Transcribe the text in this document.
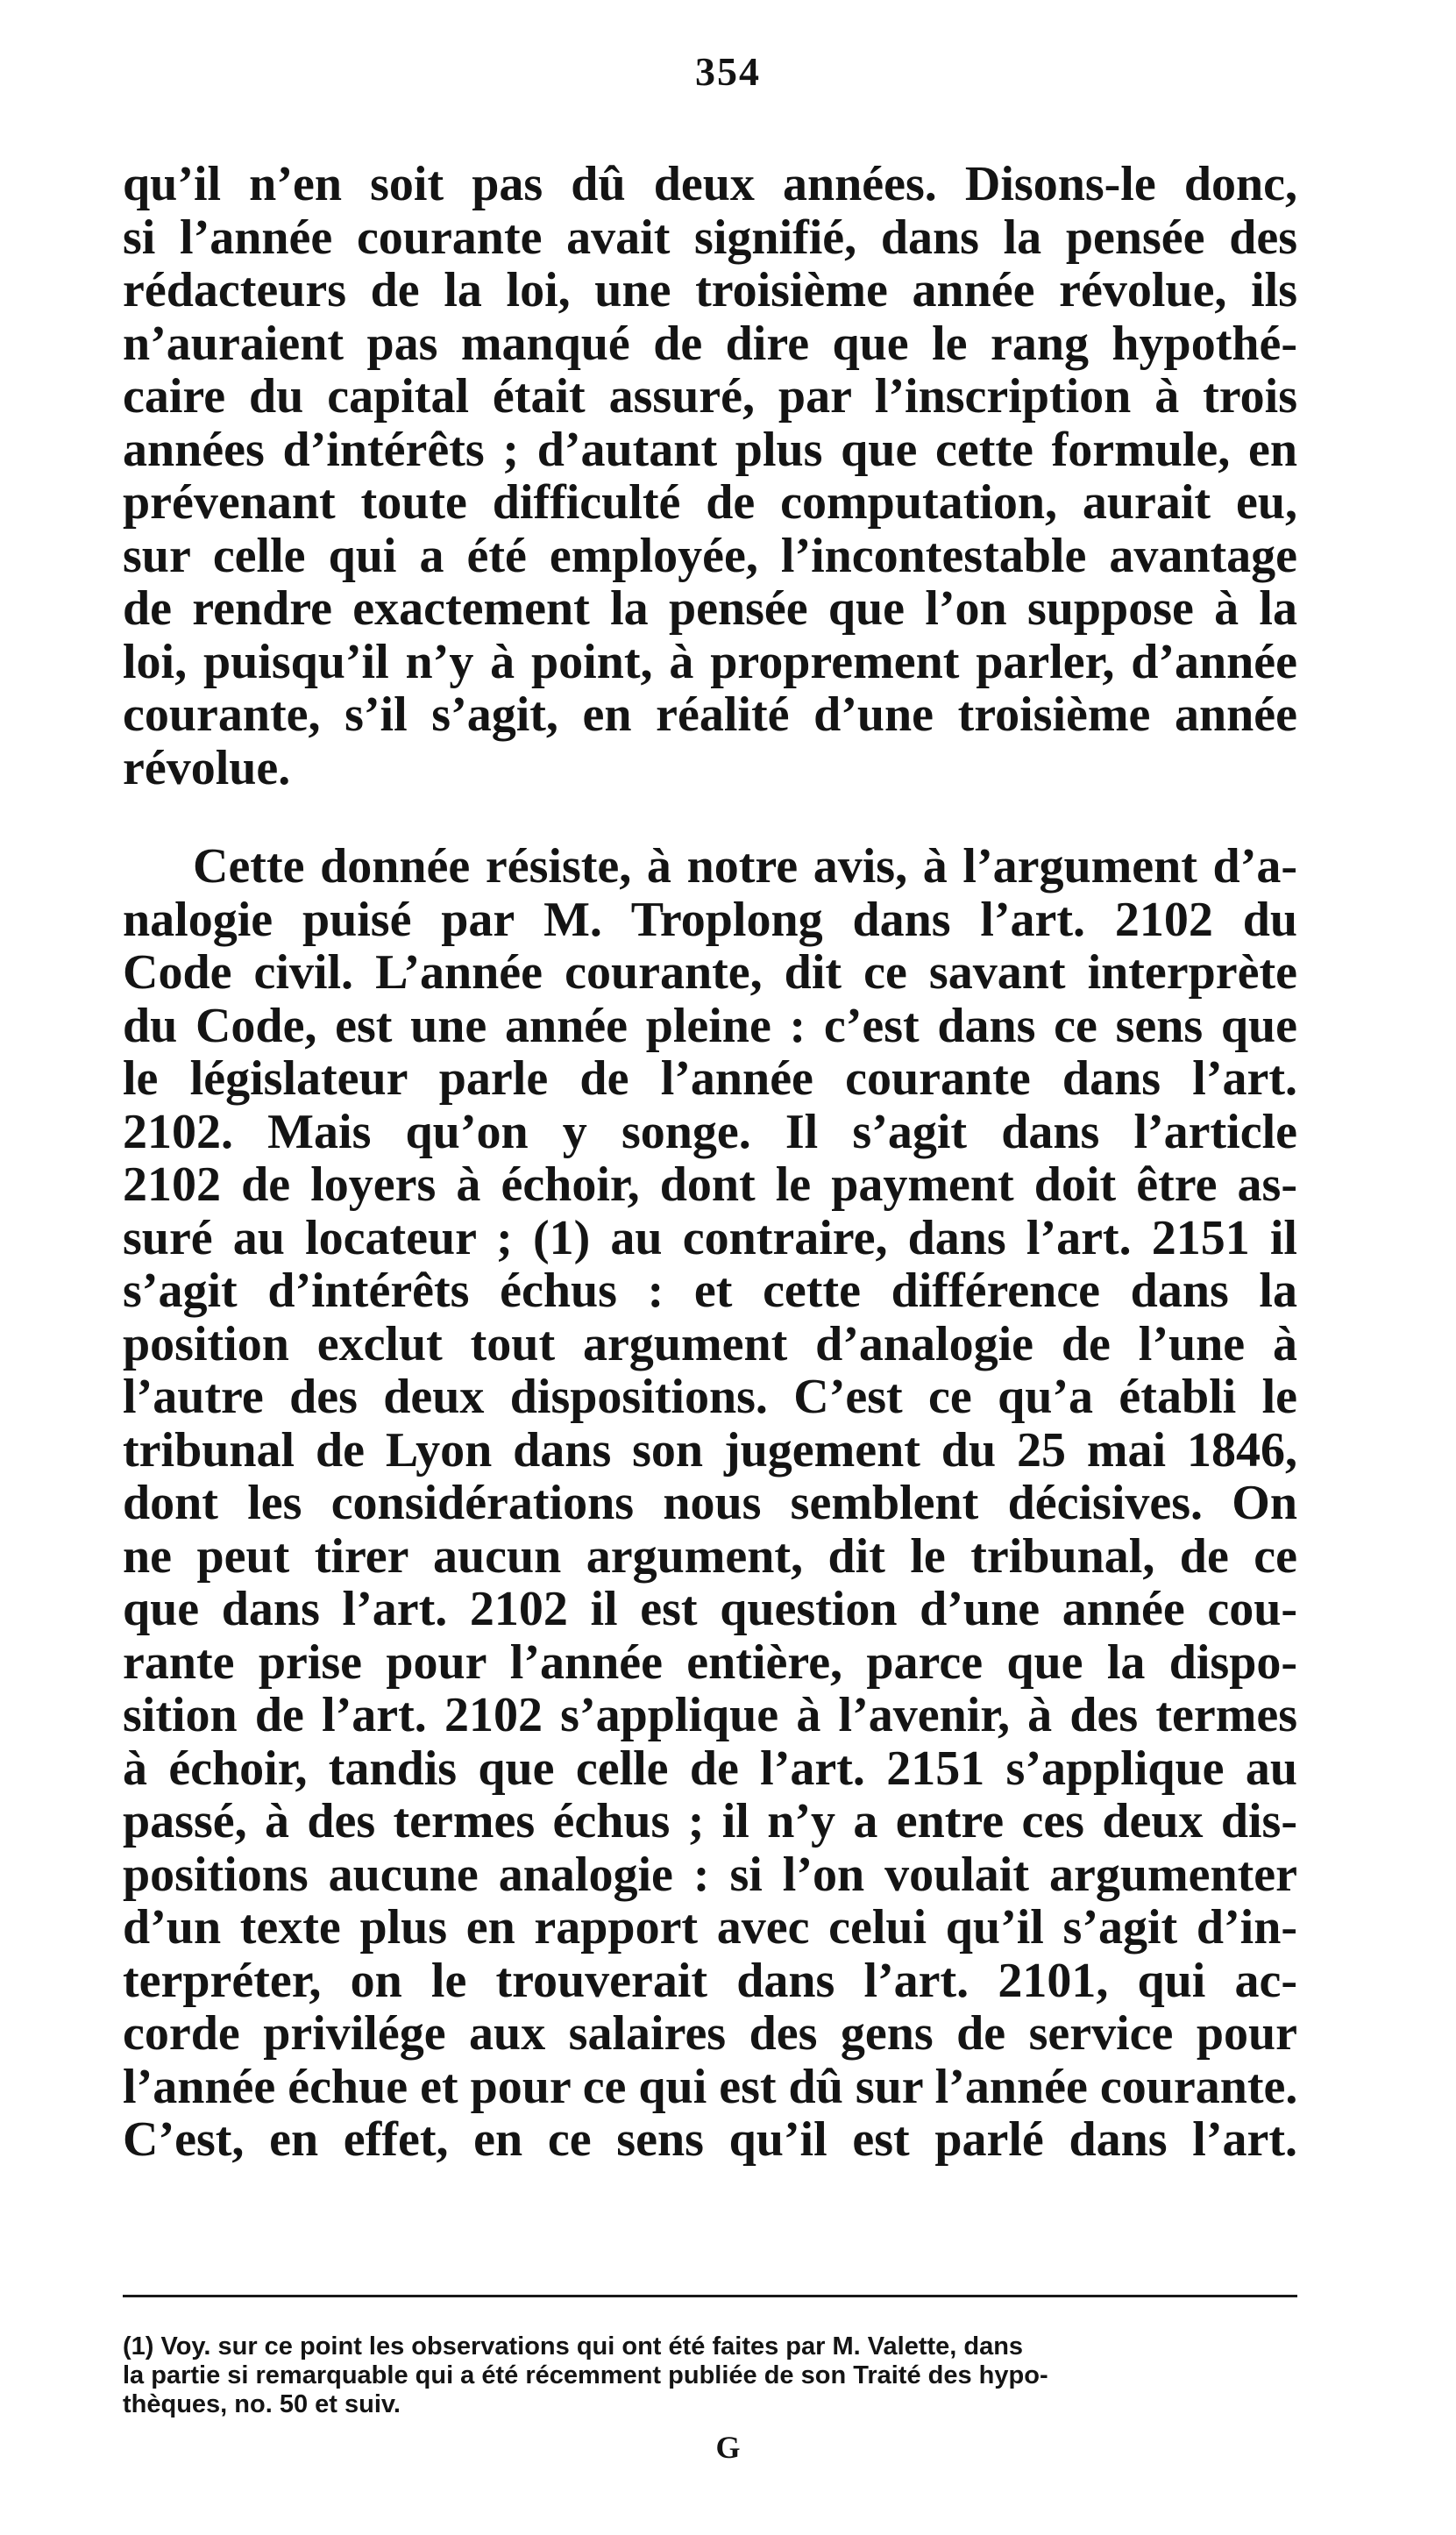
354

qu’il n’en soit pas dû deux années. Disons-le donc,
si l’année courante avait signifié, dans la pensée des
rédacteurs de la loi, une troisième année révolue, ils
n’auraient pas manqué de dire que le rang hypothé-
caire du capital était assuré, par l’inscription à trois
années d’intérêts ; d’autant plus que cette formule, en
prévenant toute difficulté de computation, aurait eu,
sur celle qui a été employée, l’incontestable avantage
de rendre exactement la pensée que l’on suppose à la
loi, puisqu’il n’y à point, à proprement parler, d’année
courante, s’il s’agit, en réalité d’une troisième année
révolue.

Cette donnée résiste, à notre avis, à l’argument d’a-
nalogie puisé par M. Troplong dans l’art. 2102 du
Code civil. L’année courante, dit ce savant interprète
du Code, est une année pleine : c’est dans ce sens que
le législateur parle de l’année courante dans l’art.
2102. Mais qu’on y songe. Il s’agit dans l’article
2102 de loyers à échoir, dont le payment doit être as-
suré au locateur ; (1) au contraire, dans l’art. 2151 il
s’agit d’intérêts échus : et cette différence dans la
position exclut tout argument d’analogie de l’une à
l’autre des deux dispositions. C’est ce qu’a établi le
tribunal de Lyon dans son jugement du 25 mai 1846,
dont les considérations nous semblent décisives. On
ne peut tirer aucun argument, dit le tribunal, de ce
que dans l’art. 2102 il est question d’une année cou-
rante prise pour l’année entière, parce que la dispo-
sition de l’art. 2102 s’applique à l’avenir, à des termes
à échoir, tandis que celle de l’art. 2151 s’applique au
passé, à des termes échus ; il n’y a entre ces deux dis-
positions aucune analogie : si l’on voulait argumenter
d’un texte plus en rapport avec celui qu’il s’agit d’in-
terpréter, on le trouverait dans l’art. 2101, qui ac-
corde privilége aux salaires des gens de service pour
l’année échue et pour ce qui est dû sur l’année courante.
C’est, en effet, en ce sens qu’il est parlé dans l’art.

(1) Voy. sur ce point les observations qui ont été faites par M. Valette, dans
la partie si remarquable qui a été récemment publiée de son Traité des hypo-
thèques, no. 50 et suiv.
G
